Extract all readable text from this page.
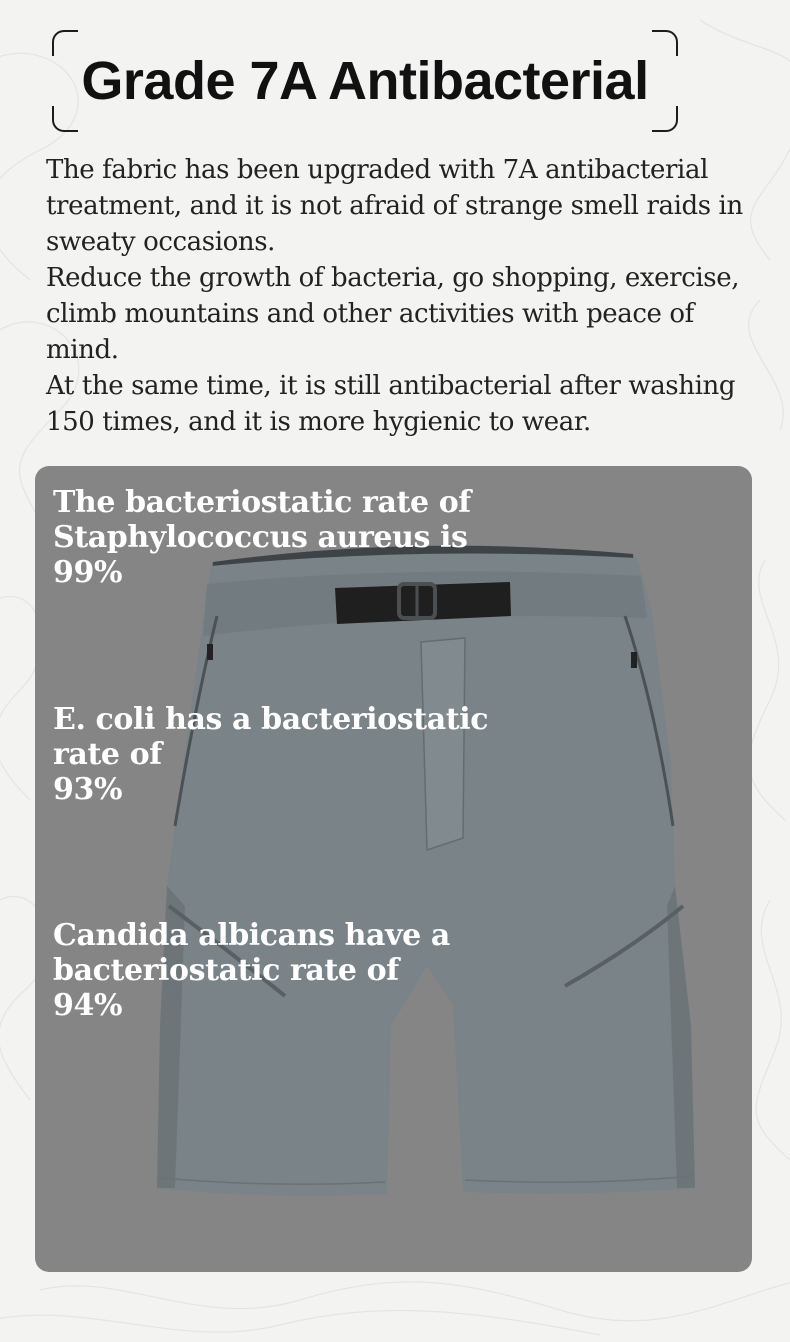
Grade 7A Antibacterial

The fabric has been upgraded with 7A antibacterial treatment, and it is not afraid of strange smell raids in sweaty occasions.

Reduce the growth of bacteria, go shopping, exercise, climb mountains and other activities with peace of mind.

At the same time, it is still antibacterial after washing 150 times, and it is more hygienic to wear.

The bacteriostatic rate of Staphylococcus aureus is
99%

E. coli has a bacteriostatic rate of
93%

Candida albicans have a bacteriostatic rate of
94%
